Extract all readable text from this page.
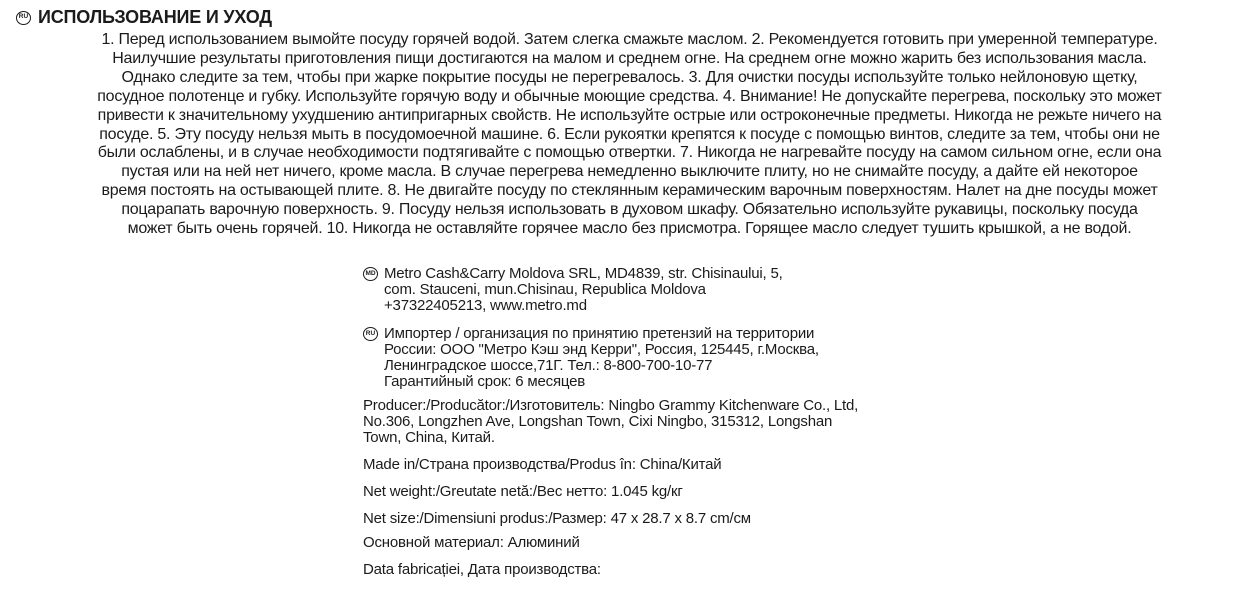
RU ИСПОЛЬЗОВАНИЕ И УХОД
1. Перед использованием вымойте посуду горячей водой. Затем слегка смажьте маслом. 2. Рекомендуется готовить при умеренной температуре.
Наилучшие результаты приготовления пищи достигаются на малом и среднем огне. На среднем огне можно жарить без использования масла.
Однако следите за тем, чтобы при жарке покрытие посуды не перегревалось. 3. Для очистки посуды используйте только нейлоновую щетку,
посудное полотенце и губку. Используйте горячую воду и обычные моющие средства. 4. Внимание! Не допускайте перегрева, поскольку это может
привести к значительному ухудшению антипригарных свойств. Не используйте острые или остроконечные предметы. Никогда не режьте ничего на
посуде. 5. Эту посуду нельзя мыть в посудомоечной машине. 6. Если рукоятки крепятся к посуде с помощью винтов, следите за тем, чтобы они не
были ослаблены, и в случае необходимости подтягивайте с помощью отвертки. 7. Никогда не нагревайте посуду на самом сильном огне, если она
пустая или на ней нет ничего, кроме масла. В случае перегрева немедленно выключите плиту, но не снимайте посуду, а дайте ей некоторое
время постоять на остывающей плите. 8. Не двигайте посуду по стеклянным керамическим варочным поверхностям. Налет на дне посуды может
поцарапать варочную поверхность. 9. Посуду нельзя использовать в духовом шкафу. Обязательно используйте рукавицы, поскольку посуда
может быть очень горячей. 10. Никогда не оставляйте горячее масло без присмотра. Горящее масло следует тушить крышкой, а не водой.
MD Metro Cash&Carry Moldova SRL, MD4839, str. Chisinaului, 5,
com. Stauceni, mun.Chisinau, Republica Moldova
+37322405213, www.metro.md
RU Импортер / организация по принятию претензий на территории
России: ООО "Метро Кэш энд Керри", Россия, 125445, г.Москва,
Ленинградское шоссе,71Г. Тел.: 8-800-700-10-77
Гарантийный срок: 6 месяцев
Producer:/Producător:/Изготовитель: Ningbo Grammy Kitchenware Co., Ltd,
No.306, Longzhen Ave, Longshan Town, Cixi Ningbo, 315312, Longshan
Town, China, Китай.
Made in/Страна производства/Produs în: China/Китай
Net weight:/Greutate netă:/Вес нетто: 1.045 kg/кг
Net size:/Dimensiuni produs:/Размер: 47 x 28.7 x 8.7 cm/см
Основной материал: Алюминий
Data fabricației, Дата производства:
